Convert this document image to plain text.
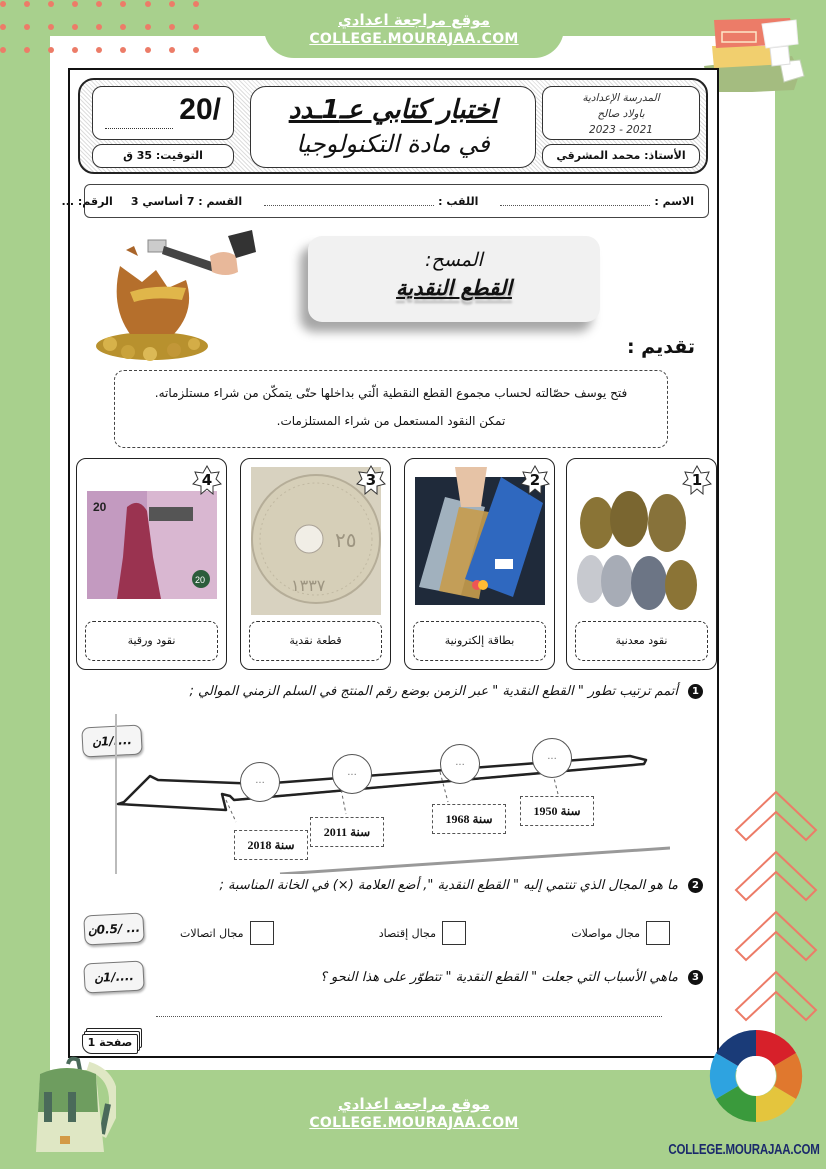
موقع مراجعة اعدادي
COLLEGE.MOURAJAA.COM
20/
التوقيت: 35 ق
اختبار كتابي عـ1ـدد
في مادة التكنولوجيا
المدرسة الإعدادية
باولاد صالح
2021 - 2023
الأستاذ: محمد المشرقي
الاسم :
اللقب :
القسم : 7 أساسي 3
الرقم: ...
المسح:
القطع النقدية
تقديم :
فتح يوسف حصّالته لحساب مجموع القطع النقطية الّتي بداخلها حتّى يتمكّن من شراء مستلزماته.
تمكن النقود المستعمل من شراء المستلزمات.
20
20
4
نقود ورقية
٢٥
١٣٣٧
3
قطعة نقدية
2
بطاقة إلكترونية
1
نقود معدنية
1
أتمم ترتيب تطور " القطع النقدية " عبر الزمن بوضع رقم المنتج في السلم الزمني الموالي ;
..../1ن
...
سنة 1950
...
سنة 1968
...
سنة 2011
...
سنة 2018
2
ما هو المجال الذي تنتمي إليه " القطع النقدية ", أضع العلامة (×) في الخانة المناسبة ;
... /0.5ن	مجال مواصلات
مجال إقتصاد
مجال اتصالات
3
ماهي الأسباب التي جعلت " القطع النقدية " تتطوّر على هذا النحو ؟
..../1ن
صفحة 1
موقع مراجعة اعدادي
COLLEGE.MOURAJAA.COM
COLLEGE.MOURAJAA.COM
